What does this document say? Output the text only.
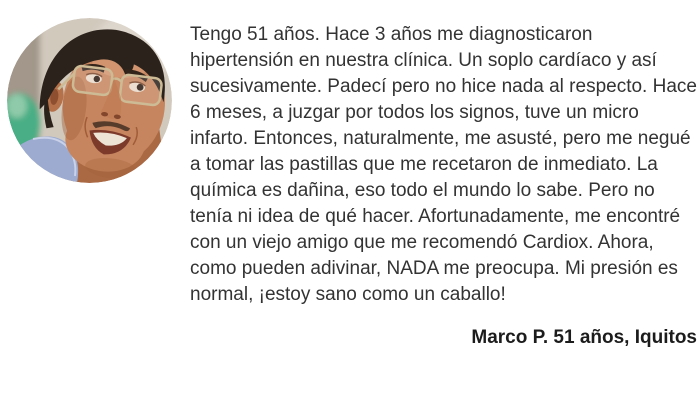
Tengo 51 años. Hace 3 años me diagnosticaron hipertensión en nuestra clínica. Un soplo cardíaco y así sucesivamente. Padecí pero no hice nada al respecto. Hace 6 meses, a juzgar por todos los signos, tuve un micro infarto. Entonces, naturalmente, me asusté, pero me negué a tomar las pastillas que me recetaron de inmediato. La química es dañina, eso todo el mundo lo sabe. Pero no tenía ni idea de qué hacer. Afortunadamente, me encontré con un viejo amigo que me recomendó Cardiox. Ahora, como pueden adivinar, NADA me preocupa. Mi presión es normal, ¡estoy sano como un caballo!

Marco P. 51 años, Iquitos
